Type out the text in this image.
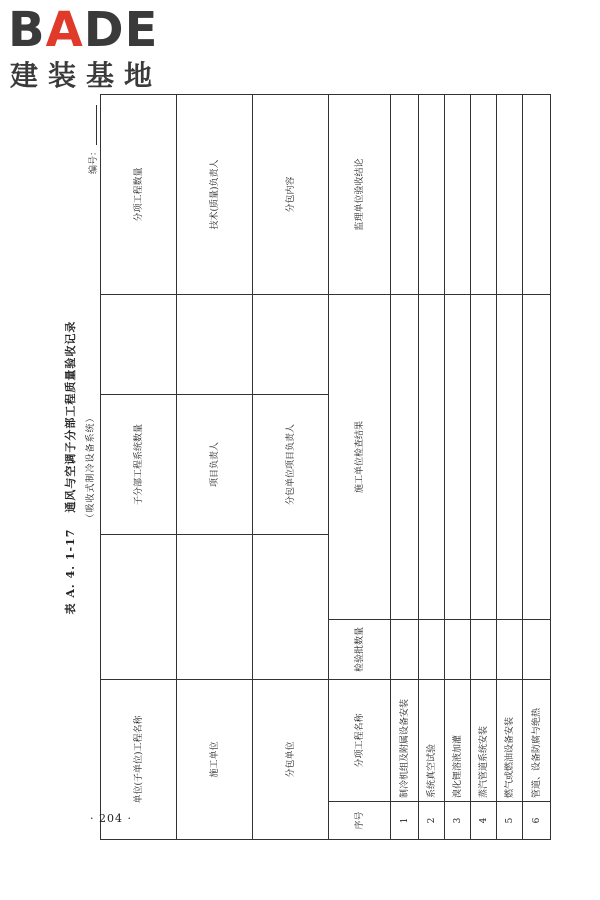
BADE
建装基地
表 A. 4. 1-17通风与空调子分部工程质量验收记录	（吸收式制冷设备系统）
编号：
单位(子单位)工程名称				子分部工程系统数量		分项工程数量	
施工单位				项目负责人		技术(质量)负责人	
分包单位				分包单位项目负责人		分包内容	
序号	分项工程名称	检验批数量	施工单位检查结果			监理单位验收结论	
1	制冷机组及附属设备安装						
2	系统真空试验						
3	溴化锂溶液加灌						
4	蒸汽管道系统安装						
5	燃气或燃油设备安装						
6	管道、设备防腐与绝热						
· 204 ·
